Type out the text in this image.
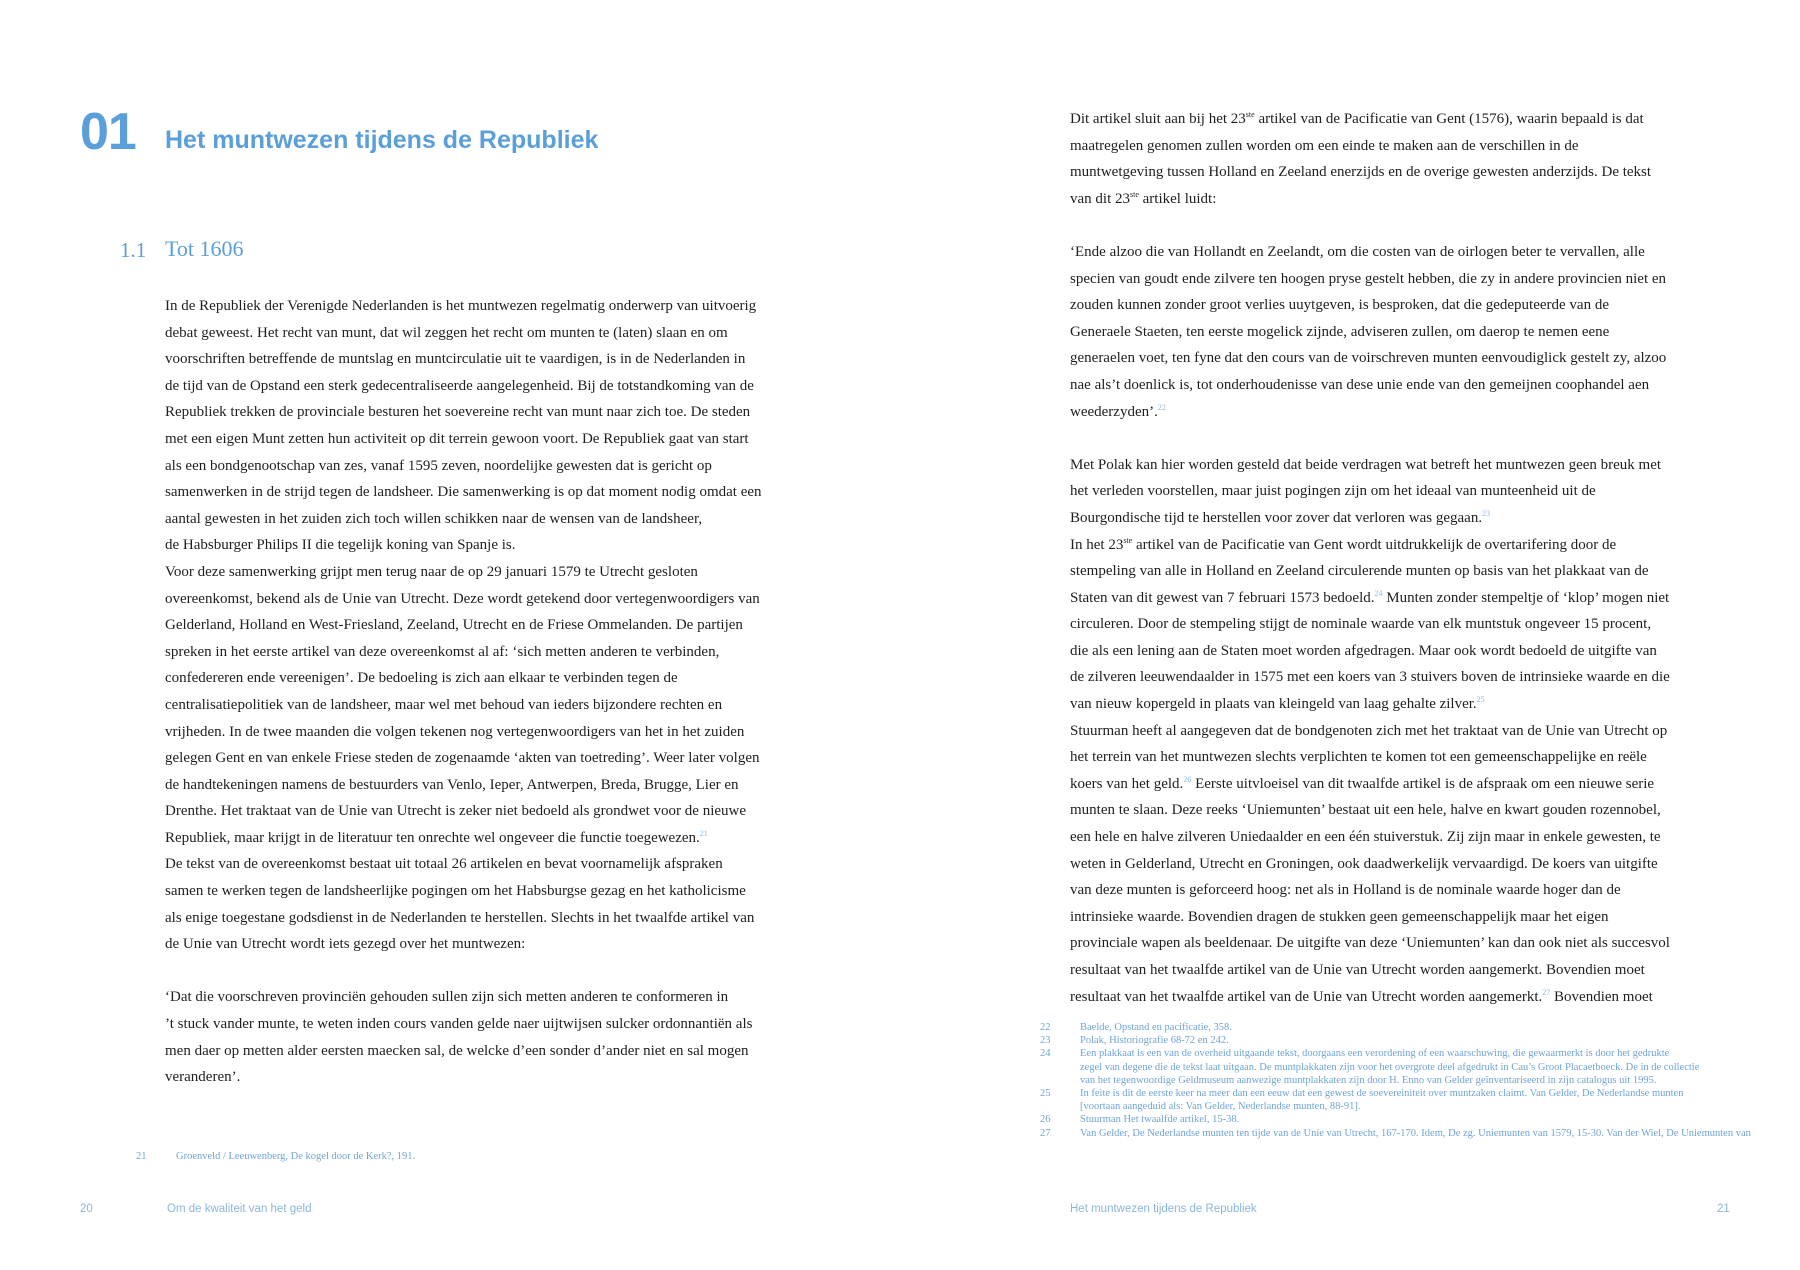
01 Het muntwezen tijdens de Republiek
1.1 Tot 1606
In de Republiek der Verenigde Nederlanden is het muntwezen regelmatig onderwerp van uitvoerig
debat geweest. Het recht van munt, dat wil zeggen het recht om munten te (laten) slaan en om
voorschriften betreffende de muntslag en muntcirculatie uit te vaardigen, is in de Nederlanden in
de tijd van de Opstand een sterk gedecentraliseerde aangelegenheid. Bij de totstandkoming van de
Republiek trekken de provinciale besturen het soevereine recht van munt naar zich toe. De steden
met een eigen Munt zetten hun activiteit op dit terrein gewoon voort. De Republiek gaat van start
als een bondgenootschap van zes, vanaf 1595 zeven, noordelijke gewesten dat is gericht op
samenwerken in de strijd tegen de landsheer. Die samenwerking is op dat moment nodig omdat een
aantal gewesten in het zuiden zich toch willen schikken naar de wensen van de landsheer,
de Habsburger Philips II die tegelijk koning van Spanje is.
Voor deze samenwerking grijpt men terug naar de op 29 januari 1579 te Utrecht gesloten
overeenkomst, bekend als de Unie van Utrecht. Deze wordt getekend door vertegenwoordigers van
Gelderland, Holland en West-Friesland, Zeeland, Utrecht en de Friese Ommelanden. De partijen
spreken in het eerste artikel van deze overeenkomst al af: ‘sich metten anderen te verbinden,
confedereren ende vereenigen’. De bedoeling is zich aan elkaar te verbinden tegen de
centralisatiepolitiek van de landsheer, maar wel met behoud van ieders bijzondere rechten en
vrijheden. In de twee maanden die volgen tekenen nog vertegenwoordigers van het in het zuiden
gelegen Gent en van enkele Friese steden de zogenaamde ‘akten van toetreding’. Weer later volgen
de handtekeningen namens de bestuurders van Venlo, Ieper, Antwerpen, Breda, Brugge, Lier en
Drenthe. Het traktaat van de Unie van Utrecht is zeker niet bedoeld als grondwet voor de nieuwe
Republiek, maar krijgt in de literatuur ten onrechte wel ongeveer die functie toegewezen.$^{21}$
De tekst van de overeenkomst bestaat uit totaal 26 artikelen en bevat voornamelijk afspraken
samen te werken tegen de landsheerlijke pogingen om het Habsburgse gezag en het katholicisme
als enige toegestane godsdienst in de Nederlanden te herstellen. Slechts in het twaalfde artikel van
de Unie van Utrecht wordt iets gezegd over het muntwezen:
‘Dat die voorschreven provinciën gehouden sullen zijn sich metten anderen te conformeren in
’t stuck vander munte, te weten inden cours vanden gelde naer uijtwijsen sulcker ordonnantiën als
men daer op metten alder eersten maecken sal, de welcke d’een sonder d’ander niet en sal mogen
veranderen’.
21	Groenveld / Leeuwenberg, De kogel door de Kerk?, 191.
20	Om de kwaliteit van het geld
Dit artikel sluit aan bij het 23ste artikel van de Pacificatie van Gent (1576), waarin bepaald is dat
maatregelen genomen zullen worden om een einde te maken aan de verschillen in de
muntwetgeving tussen Holland en Zeeland enerzijds en de overige gewesten anderzijds. De tekst
van dit 23ste artikel luidt:
‘Ende alzoo die van Hollandt en Zeelandt, om die costen van de oirlogen beter te vervallen, alle
specien van goudt ende zilvere ten hoogen pryse gestelt hebben, die zy in andere provincien niet en
zouden kunnen zonder groot verlies uuytgeven, is besproken, dat die gedeputeerde van de
Generaele Staeten, ten eerste mogelick zijnde, adviseren zullen, om daerop te nemen eene
generaelen voet, ten fyne dat den cours van de voirschreven munten eenvoudiglick gestelt zy, alzoo
nae als’t doenlick is, tot onderhoudenisse van dese unie ende van den gemeijnen coophandel aen
weederzyden’.$^{22}$
Met Polak kan hier worden gesteld dat beide verdragen wat betreft het muntwezen geen breuk met
het verleden voorstellen, maar juist pogingen zijn om het ideaal van munteenheid uit de
Bourgondische tijd te herstellen voor zover dat verloren was gegaan.$^{23}$
In het 23ste artikel van de Pacificatie van Gent wordt uitdrukkelijk de overtarifering door de
stempeling van alle in Holland en Zeeland circulerende munten op basis van het plakkaat van de
Staten van dit gewest van 7 februari 1573 bedoeld.$^{24}$ Munten zonder stempeltje of ‘klop’ mogen niet
circuleren. Door de stempeling stijgt de nominale waarde van elk muntstuk ongeveer 15 procent,
die als een lening aan de Staten moet worden afgedragen. Maar ook wordt bedoeld de uitgifte van
de zilveren leeuwendaalder in 1575 met een koers van 3 stuivers boven de intrinsieke waarde en die
van nieuw kopergeld in plaats van kleingeld van laag gehalte zilver.$^{25}$
Stuurman heeft al aangegeven dat de bondgenoten zich met het traktaat van de Unie van Utrecht op
het terrein van het muntwezen slechts verplichten te komen tot een gemeenschappelijke en reële
koers van het geld.$^{26}$ Eerste uitvloeisel van dit twaalfde artikel is de afspraak om een nieuwe serie
munten te slaan. Deze reeks ‘Uniemunten’ bestaat uit een hele, halve en kwart gouden rozennobel,
een hele en halve zilveren Uniedaalder en een één stuiverstuk. Zij zijn maar in enkele gewesten, te
weten in Gelderland, Utrecht en Groningen, ook daadwerkelijk vervaardigd. De koers van uitgifte
van deze munten is geforceerd hoog: net als in Holland is de nominale waarde hoger dan de
intrinsieke waarde. Bovendien dragen de stukken geen gemeenschappelijk maar het eigen
provinciale wapen als beeldenaar. De uitgifte van deze ‘Uniemunten’ kan dan ook niet als succesvol
resultaat van het twaalfde artikel van de Unie van Utrecht worden aangemerkt. Bovendien moet
resultaat van het twaalfde artikel van de Unie van Utrecht worden aangemerkt.$^{27}$ Bovendien moet
22	Baelde, Opstand en pacificatie, 358.
23	Polak, Historiografie 68-72 en 242.
24	Een plakkaat is een van de overheid uitgaande tekst, doorgaans een verordening of een waarschuwing, die gewaarmerkt is door het gedrukte
zegel van degene die de tekst laat uitgaan. De muntplakkaten zijn voor het overgrote deel afgedrukt in Cau’s Groot Placaetboeck. De in de collectie
van het tegenwoordige Geldmuseum aanwezige muntplakkaten zijn door H. Enno van Gelder geïnventariseerd in zijn catalogus uit 1995.
25	In feite is dit de eerste keer na meer dan een eeuw dat een gewest de soevereiniteit over muntzaken claimt. Van Gelder, De Nederlandse munten
[voortaan aangeduid als: Van Gelder, Nederlandse munten, 88-91].
26	Stuurman Het twaalfde artikel, 15-38.
27	Van Gelder, De Nederlandse munten ten tijde van de Unie van Utrecht, 167-170. Idem, De zg. Uniemunten van 1579, 15-30. Van der Wiel, De Uniemunten van
Het muntwezen tijdens de Republiek	21
